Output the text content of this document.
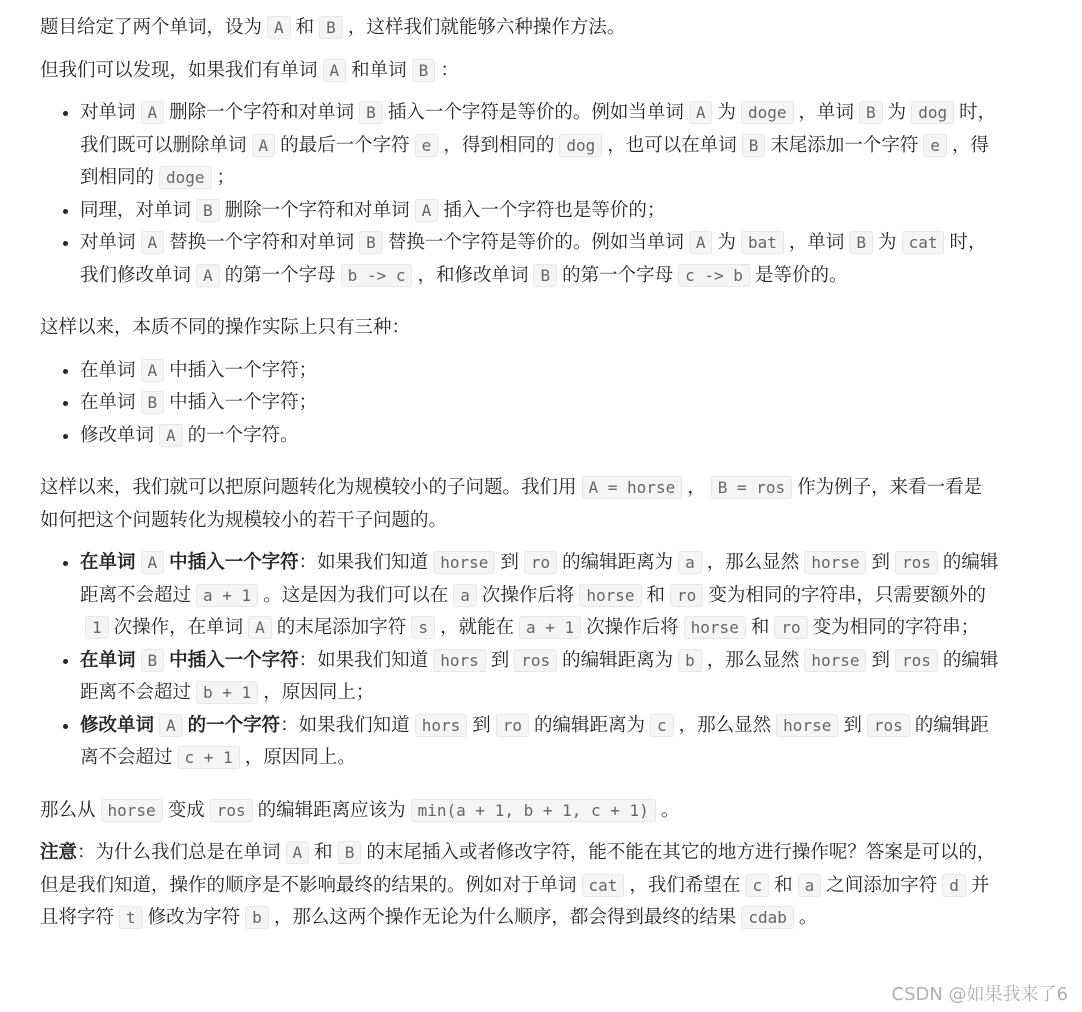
题目给定了两个单词，设为 A 和 B ，这样我们就能够六种操作方法。

但我们可以发现，如果我们有单词 A 和单词 B ：

• 对单词 A 删除一个字符和对单词 B 插入一个字符是等价的。例如当单词 A 为 doge ，单词 B 为 dog 时，我们既可以删除单词 A 的最后一个字符 e ，得到相同的 dog ，也可以在单词 B 末尾添加一个字符 e ，得到相同的 doge ；
• 同理，对单词 B 删除一个字符和对单词 A 插入一个字符也是等价的；
• 对单词 A 替换一个字符和对单词 B 替换一个字符是等价的。例如当单词 A 为 bat ，单词 B 为 cat 时，我们修改单词 A 的第一个字母 b -> c ，和修改单词 B 的第一个字母 c -> b 是等价的。

这样以来，本质不同的操作实际上只有三种：

• 在单词 A 中插入一个字符；
• 在单词 B 中插入一个字符；
• 修改单词 A 的一个字符。

这样以来，我们就可以把原问题转化为规模较小的子问题。我们用 A = horse ， B = ros 作为例子，来看一看是如何把这个问题转化为规模较小的若干子问题的。

• 在单词 A 中插入一个字符：如果我们知道 horse 到 ro 的编辑距离为 a ，那么显然 horse 到 ros 的编辑距离不会超过 a + 1 。这是因为我们可以在 a 次操作后将 horse 和 ro 变为相同的字符串，只需要额外的1 次操作，在单词 A 的末尾添加字符 s ，就能在 a + 1 次操作后将 horse 和 ro 变为相同的字符串；
• 在单词 B 中插入一个字符：如果我们知道 hors 到 ros 的编辑距离为 b ，那么显然 horse 到 ros 的编辑距离不会超过 b + 1 ，原因同上；
• 修改单词 A 的一个字符：如果我们知道 hors 到 ro 的编辑距离为 c ，那么显然 horse 到 ros 的编辑距离不会超过 c + 1 ，原因同上。

那么从 horse 变成 ros 的编辑距离应该为 min(a + 1, b + 1, c + 1) 。

注意：为什么我们总是在单词 A 和 B 的末尾插入或者修改字符，能不能在其它的地方进行操作呢？答案是可以的，但是我们知道，操作的顺序是不影响最终的结果的。例如对于单词 cat ，我们希望在 c 和 a 之间添加字符 d 并且将字符 t 修改为字符 b ，那么这两个操作无论为什么顺序，都会得到最终的结果 cdab 。

CSDN @如果我来了6
